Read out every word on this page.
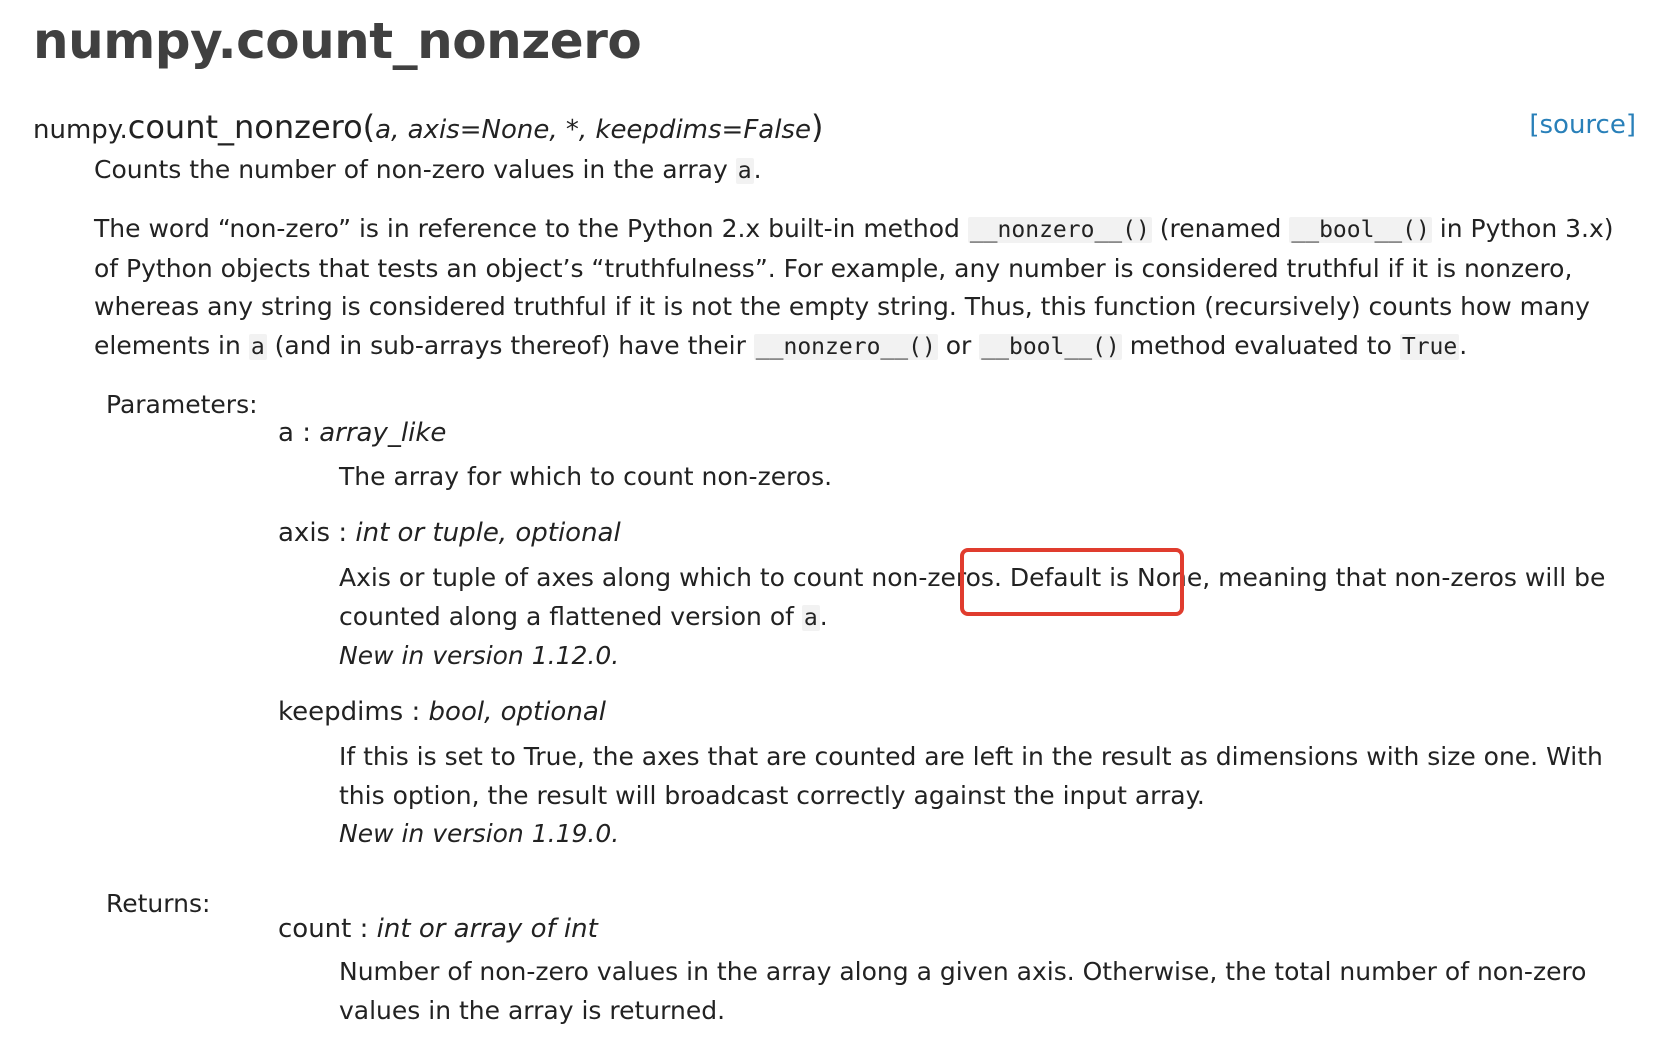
numpy.count_nonzero
numpy.count_nonzero(a, axis=None, *, keepdims=False)	[source]
Counts the number of non-zero values in the array a.
The word “non-zero” is in reference to the Python 2.x built-in method __nonzero__() (renamed __bool__() in Python 3.x) of Python objects that tests an object’s “truthfulness”. For example, any number is considered truthful if it is nonzero, whereas any string is considered truthful if it is not the empty string. Thus, this function (recursively) counts how many elements in a (and in sub-arrays thereof) have their __nonzero__() or __bool__() method evaluated to True.
Parameters:
a : array_like
The array for which to count non-zeros.
axis : int or tuple, optional
Axis or tuple of axes along which to count non-zeros. Default is None, meaning that non-zeros will be counted along a flattened version of a.
New in version 1.12.0.
keepdims : bool, optional
If this is set to True, the axes that are counted are left in the result as dimensions with size one. With this option, the result will broadcast correctly against the input array.
New in version 1.19.0.
Returns:
count : int or array of int
Number of non-zero values in the array along a given axis. Otherwise, the total number of non-zero values in the array is returned.
